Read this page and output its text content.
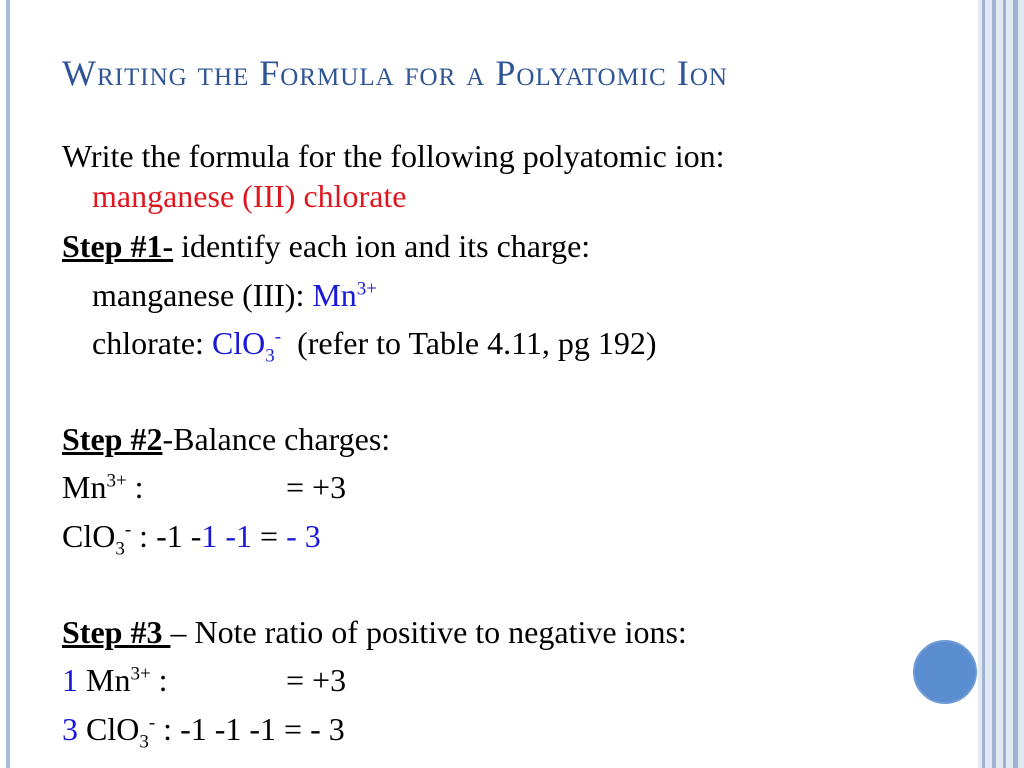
Writing the Formula for a Polyatomic Ion
Write the formula for the following polyatomic ion:
manganese (III) chlorate
Step #1- identify each ion and its charge:
manganese (III): $Mn^{3+}$
chlorate: ClO$_3$- (refer to Table 4.11, pg 192)
Step #2-Balance charges:
$Mn^{3+}$ :	= +3
ClO$_3$- : -1 -1 -1 = - 3
Step #3 – Note ratio of positive to negative ions:
1 $Mn^{3+}$ :	= +3
3 ClO$_3$- : -1 -1 -1 = - 3
